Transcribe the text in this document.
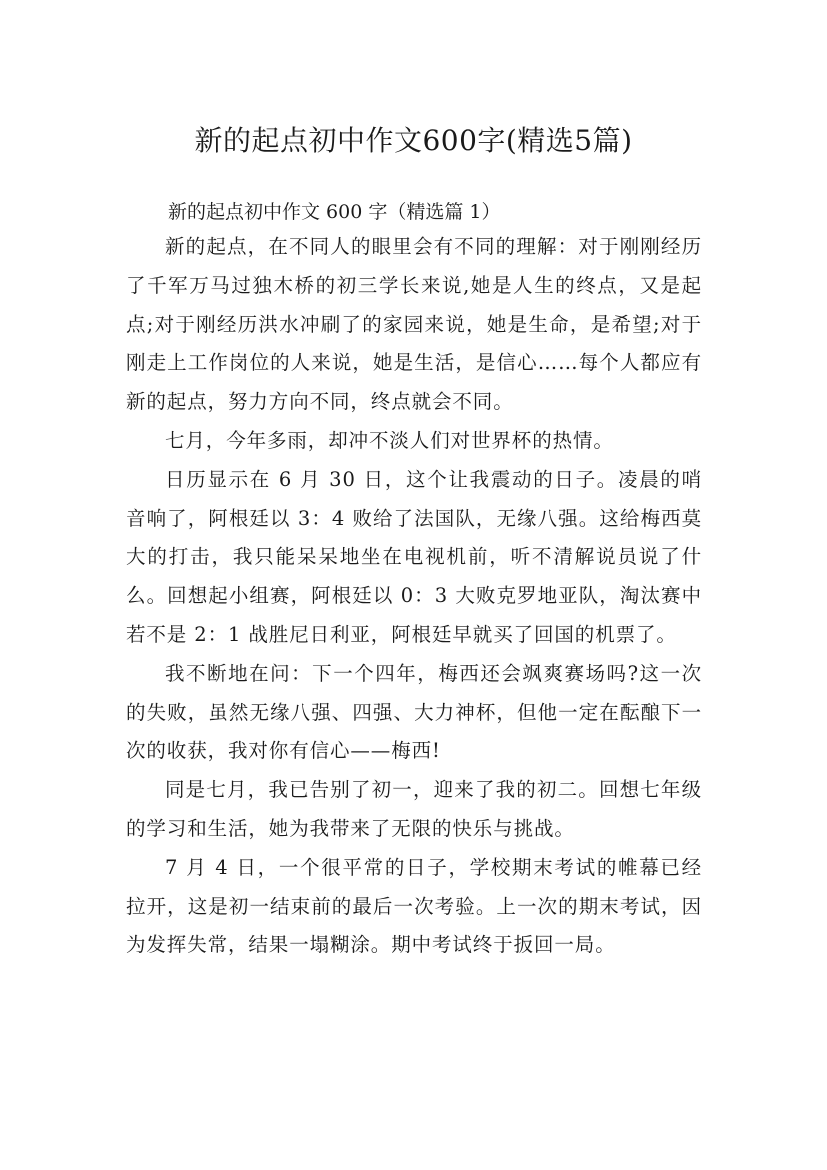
新的起点初中作文600字(精选5篇)
新的起点初中作文 600 字（精选篇 1）

新的起点，在不同人的眼里会有不同的理解：对于刚刚经历了千军万马过独木桥的初三学长来说,她是人生的终点，又是起点;对于刚经历洪水冲刷了的家园来说，她是生命，是希望;对于刚走上工作岗位的人来说，她是生活，是信心……每个人都应有新的起点，努力方向不同，终点就会不同。

七月，今年多雨，却冲不淡人们对世界杯的热情。

日历显示在 6 月 30 日，这个让我震动的日子。凌晨的哨音响了，阿根廷以 3：4 败给了法国队，无缘八强。这给梅西莫大的打击，我只能呆呆地坐在电视机前，听不清解说员说了什么。回想起小组赛，阿根廷以 0：3 大败克罗地亚队，淘汰赛中若不是 2：1 战胜尼日利亚，阿根廷早就买了回国的机票了。

我不断地在问：下一个四年，梅西还会飒爽赛场吗?这一次的失败，虽然无缘八强、四强、大力神杯，但他一定在酝酿下一次的收获，我对你有信心——梅西!

同是七月，我已告别了初一，迎来了我的初二。回想七年级的学习和生活，她为我带来了无限的快乐与挑战。

7 月 4 日，一个很平常的日子，学校期末考试的帷幕已经拉开，这是初一结束前的最后一次考验。上一次的期末考试，因为发挥失常，结果一塌糊涂。期中考试终于扳回一局。
